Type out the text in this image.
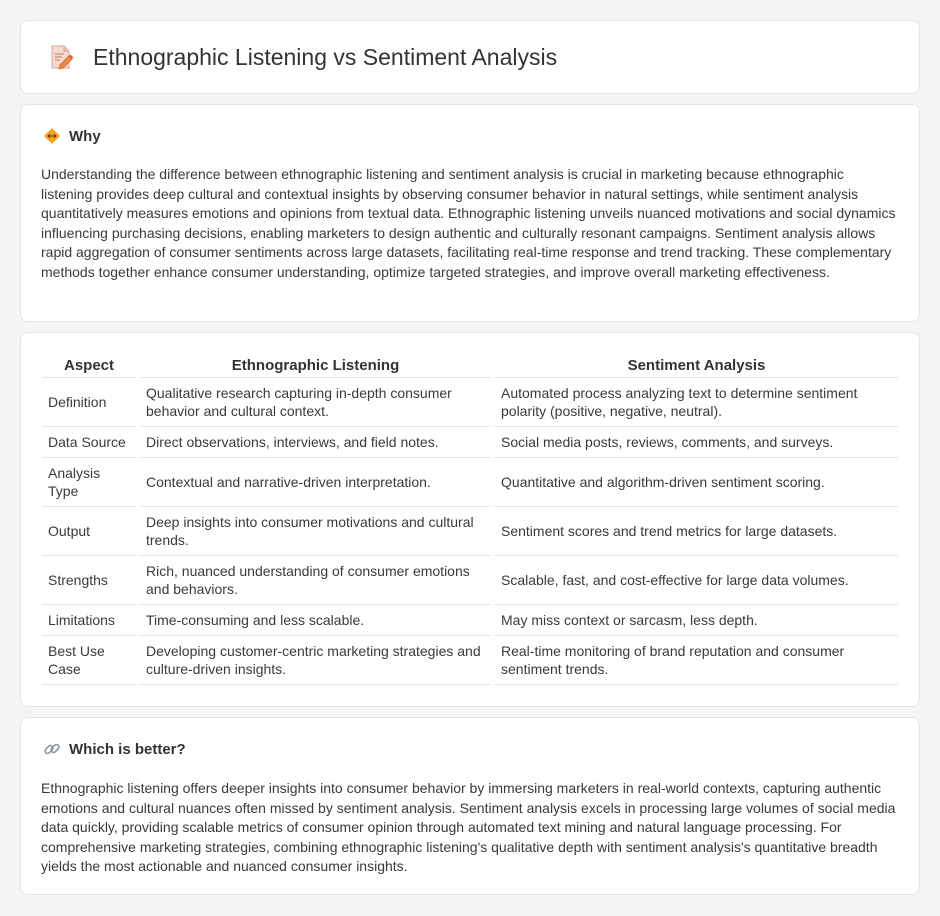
Ethnographic Listening vs Sentiment Analysis
Why

Understanding the difference between ethnographic listening and sentiment analysis is crucial in marketing because ethnographic listening provides deep cultural and contextual insights by observing consumer behavior in natural settings, while sentiment analysis quantitatively measures emotions and opinions from textual data. Ethnographic listening unveils nuanced motivations and social dynamics influencing purchasing decisions, enabling marketers to design authentic and culturally resonant campaigns. Sentiment analysis allows rapid aggregation of consumer sentiments across large datasets, facilitating real-time response and trend tracking. These complementary methods together enhance consumer understanding, optimize targeted strategies, and improve overall marketing effectiveness.

Aspect	Ethnographic Listening	Sentiment Analysis
Definition	Qualitative research capturing in-depth consumer behavior and cultural context.	Automated process analyzing text to determine sentiment polarity (positive, negative, neutral).
Data Source	Direct observations, interviews, and field notes.	Social media posts, reviews, comments, and surveys.
Analysis Type	Contextual and narrative-driven interpretation.	Quantitative and algorithm-driven sentiment scoring.
Output	Deep insights into consumer motivations and cultural trends.	Sentiment scores and trend metrics for large datasets.
Strengths	Rich, nuanced understanding of consumer emotions and behaviors.	Scalable, fast, and cost-effective for large data volumes.
Limitations	Time-consuming and less scalable.	May miss context or sarcasm, less depth.
Best Use Case	Developing customer-centric marketing strategies and culture-driven insights.	Real-time monitoring of brand reputation and consumer sentiment trends.
Which is better?

Ethnographic listening offers deeper insights into consumer behavior by immersing marketers in real-world contexts, capturing authentic emotions and cultural nuances often missed by sentiment analysis. Sentiment analysis excels in processing large volumes of social media data quickly, providing scalable metrics of consumer opinion through automated text mining and natural language processing. For comprehensive marketing strategies, combining ethnographic listening's qualitative depth with sentiment analysis's quantitative breadth yields the most actionable and nuanced consumer insights.
